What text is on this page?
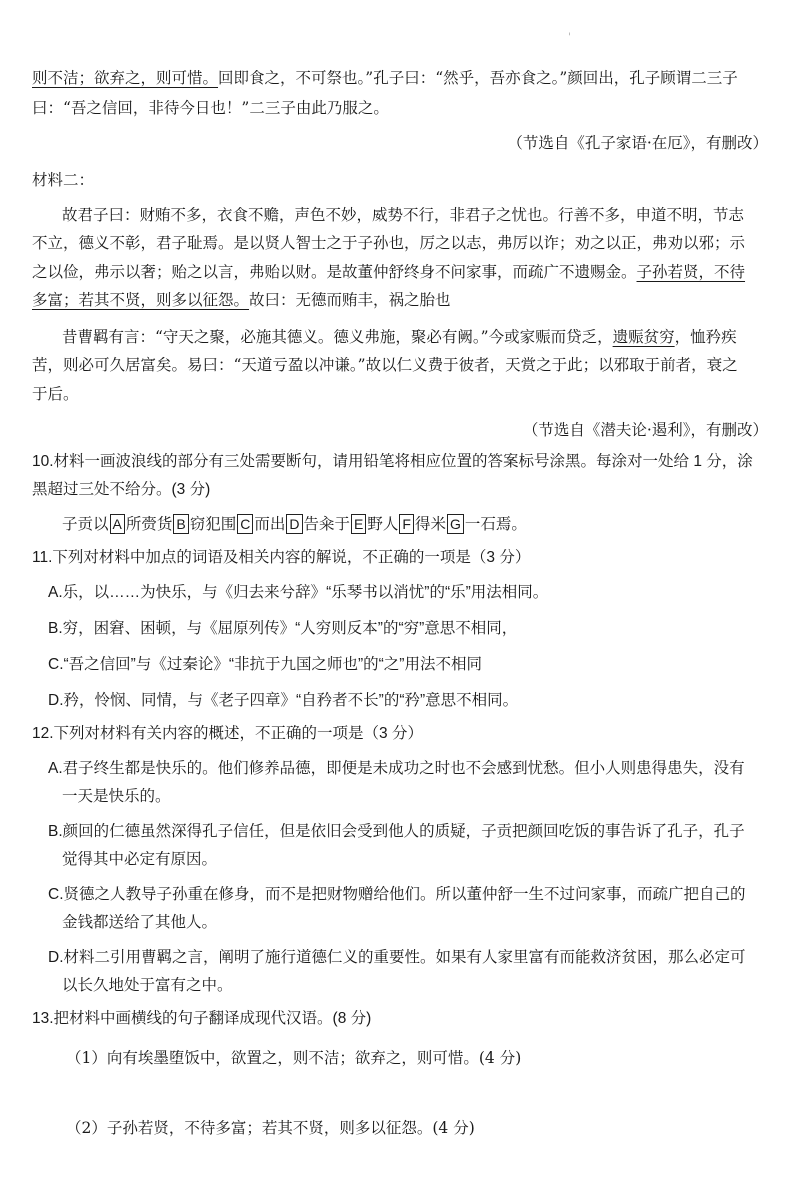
'
则不洁；欲弃之，则可惜。回即食之，不可祭也。”孔子曰：“然乎，吾亦食之。”颜回出，孔子顾谓二三子
曰：“吾之信回，非待今日也！”二三子由此乃服之。
（节选自《孔子家语·在厄》，有删改）
材料二：
故君子曰：财贿不多，衣食不赡，声色不妙，威势不行，非君子之忧也。行善不多，申道不明，节志
不立，德义不彰，君子耻焉。是以贤人智士之于子孙也，厉之以志，弗厉以诈；劝之以正，弗劝以邪；示
之以俭，弗示以奢；贻之以言，弗贻以财。是故董仲舒终身不问家事，而疏广不遗赐金。子孙若贤，不待
多富；若其不贤，则多以征怨。故曰：无德而贿丰，祸之胎也
昔曹羁有言：“守天之聚，必施其德义。德义弗施，聚必有阙。”今或家赈而贷乏，遗赈贫穷，恤矜疾
苦，则必可久居富矣。易曰：“天道亏盈以冲谦。”故以仁义费于彼者，天赏之于此；以邪取于前者，衰之
于后。
（节选自《潜夫论·遏利》，有删改）
10.材料一画波浪线的部分有三处需要断句，请用铅笔将相应位置的答案标号涂黑。每涂对一处给 1 分，涂
黑超过三处不给分。(3 分)
子贡以 A 所赍货 B 窃犯围 C 而出 D 告籴于 E 野人 F 得米 G 一石焉。
11.下列对材料中加点的词语及相关内容的解说，不正确的一项是（3 分）
A.乐，以……为快乐，与《归去来兮辞》“乐琴书以消忧”的“乐”用法相同。
B.穷，困窘、困顿，与《屈原列传》“人穷则反本”的“穷”意思不相同，
C.“吾之信回”与《过秦论》“非抗于九国之师也”的“之”用法不相同
D.矜，怜悯、同情，与《老子四章》“自矜者不长”的“矜”意思不相同。
12.下列对材料有关内容的概述，不正确的一项是（3 分）
A.君子终生都是快乐的。他们修养品德，即便是未成功之时也不会感到忧愁。但小人则患得患失，没有
一天是快乐的。
B.颜回的仁德虽然深得孔子信任，但是依旧会受到他人的质疑，子贡把颜回吃饭的事告诉了孔子，孔子
觉得其中必定有原因。
C.贤德之人教导子孙重在修身，而不是把财物赠给他们。所以董仲舒一生不过问家事，而疏广把自己的
金钱都送给了其他人。
D.材料二引用曹羁之言，阐明了施行道德仁义的重要性。如果有人家里富有而能救济贫困，那么必定可
以长久地处于富有之中。
13.把材料中画横线的句子翻译成现代汉语。(8 分)
（1）向有埃墨堕饭中，欲置之，则不洁；欲弃之，则可惜。(4 分)
（2）子孙若贤，不待多富；若其不贤，则多以征怨。(4 分)
